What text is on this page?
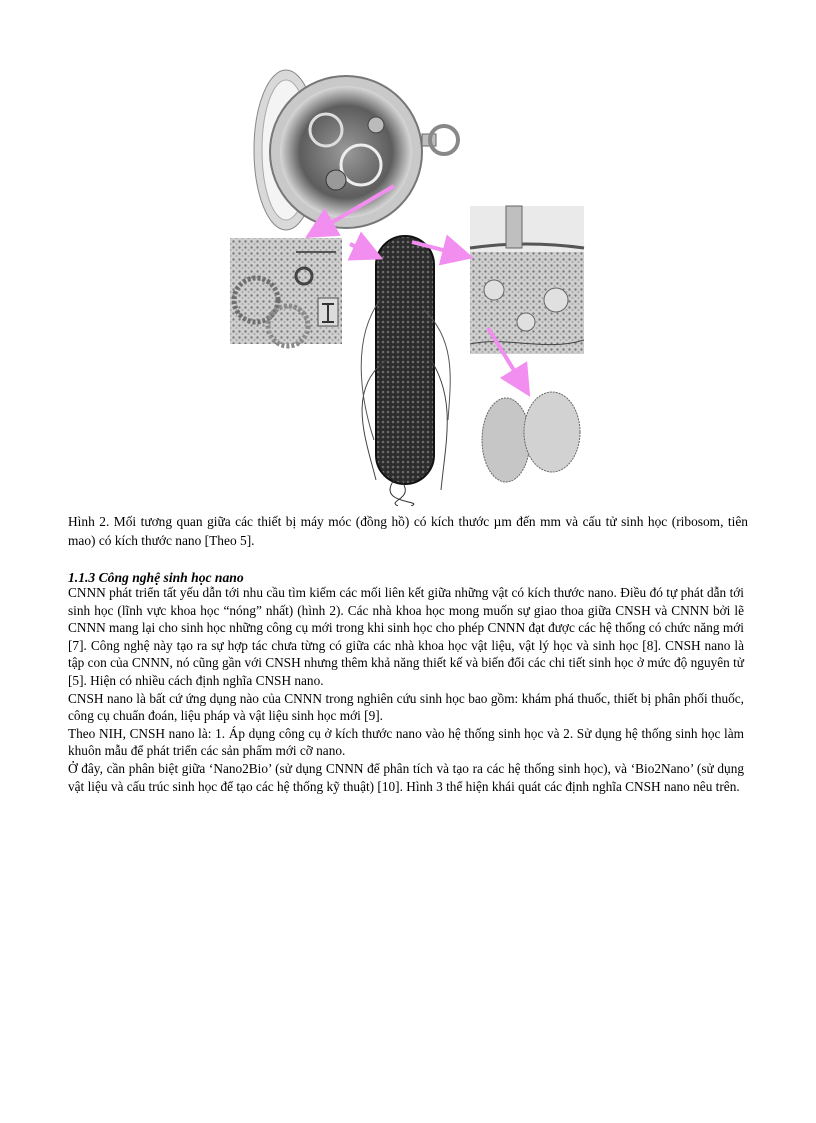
Hình 2. Mối tương quan giữa các thiết bị máy móc (đồng hồ) có kích thước µm đến mm và cấu tử sinh học (ribosom, tiên mao) có kích thước nano [Theo 5].
1.1.3 Công nghệ sinh học nano

CNNN phát triển tất yếu dẫn tới nhu cầu tìm kiếm các mối liên kết giữa những vật có kích thước nano. Điều đó tự phát dẫn tới sinh học (lĩnh vực khoa học “nóng” nhất) (hình 2). Các nhà khoa học mong muốn sự giao thoa giữa CNSH và CNNN bởi lẽ CNNN mang lại cho sinh học những công cụ mới trong khi sinh học cho phép CNNN đạt được các hệ thống có chức năng mới [7]. Công nghệ này tạo ra sự hợp tác chưa từng có giữa các nhà khoa học vật liệu, vật lý học và sinh học [8]. CNSH nano là tập con của CNNN, nó cũng gần với CNSH nhưng thêm khả năng thiết kế và biến đổi các chi tiết sinh học ở mức độ nguyên tử [5]. Hiện có nhiều cách định nghĩa CNSH nano.

CNSH nano là bất cứ ứng dụng nào của CNNN trong nghiên cứu sinh học bao gồm: khám phá thuốc, thiết bị phân phối thuốc, công cụ chuẩn đoán, liệu pháp và vật liệu sinh học mới [9].

Theo NIH, CNSH nano là: 1. Áp dụng công cụ ở kích thước nano vào hệ thống sinh học và 2. Sử dụng hệ thống sinh học làm khuôn mẫu để phát triển các sản phẩm mới cỡ nano.

Ở đây, cần phân biệt giữa ‘Nano2Bio’ (sử dụng CNNN để phân tích và tạo ra các hệ thống sinh học), và ‘Bio2Nano’ (sử dụng vật liệu và cấu trúc sinh học để tạo các hệ thống kỹ thuật) [10]. Hình 3 thể hiện khái quát các định nghĩa CNSH nano nêu trên.
